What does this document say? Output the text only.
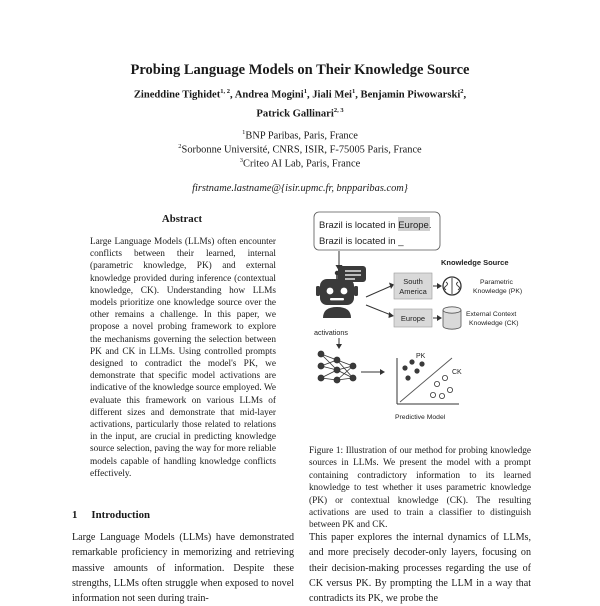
Probing Language Models on Their Knowledge Source
Zineddine Tighidet$^{1, 2}$, Andrea Mogini$^1$, Jiali Mei$^1$, Benjamin Piwowarski$^2$,
Patrick Gallinari$^{2, 3}$
$^1$BNP Paribas, Paris, France
$^2$Sorbonne Université, CNRS, ISIR, F-75005 Paris, France
$^3$Criteo AI Lab, Paris, France
firstname.lastname@{isir.upmc.fr, bnpparibas.com}
Abstract
Large Language Models (LLMs) often encounter conflicts between their learned, internal (parametric knowledge, PK) and external knowledge provided during inference (contextual knowledge, CK). Understanding how LLMs models prioritize one knowledge source over the other remains a challenge. In this paper, we propose a novel probing framework to explore the mechanisms governing the selection between PK and CK in LLMs. Using controlled prompts designed to contradict the model's PK, we demonstrate that specific model activations are indicative of the knowledge source employed. We evaluate this framework on various LLMs of different sizes and demonstrate that mid-layer activations, particularly those related to relations in the input, are crucial in predicting knowledge source selection, paving the way for more reliable models capable of handling knowledge conflicts effectively.
Brazil is located in Europe.
Brazil is located in _
South
America
Europe
Knowledge Source
Parametric
Knowledge (PK)
External Context
Knowledge (CK)
activations
PK
CK
Predictive Model
Figure 1: Illustration of our method for probing knowledge sources in LLMs. We present the model with a prompt containing contradictory information to its learned knowledge to test whether it uses parametric knowledge (PK) or contextual knowledge (CK). The resulting activations are used to train a classifier to distinguish between PK and CK.
1 Introduction
Large Language Models (LLMs) have demonstrated remarkable proficiency in memorizing and retrieving massive amounts of information. Despite these strengths, LLMs often struggle when exposed to novel information not seen during train-
This paper explores the internal dynamics of LLMs, and more precisely decoder-only layers, focusing on their decision-making processes regarding the use of CK versus PK. By prompting the LLM in a way that contradicts its PK, we probe the
